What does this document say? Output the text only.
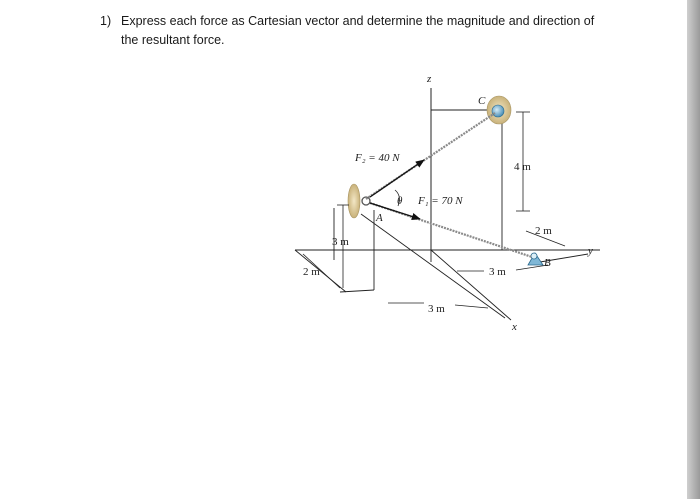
1) Express each force as Cartesian vector and determine the magnitude and direction of the resultant force.
z
y
x
A
C
B
F₂ = 40 N
F₁ = 70 N
θ
4 m
2 m
3 m
3 m
2 m
3 m
